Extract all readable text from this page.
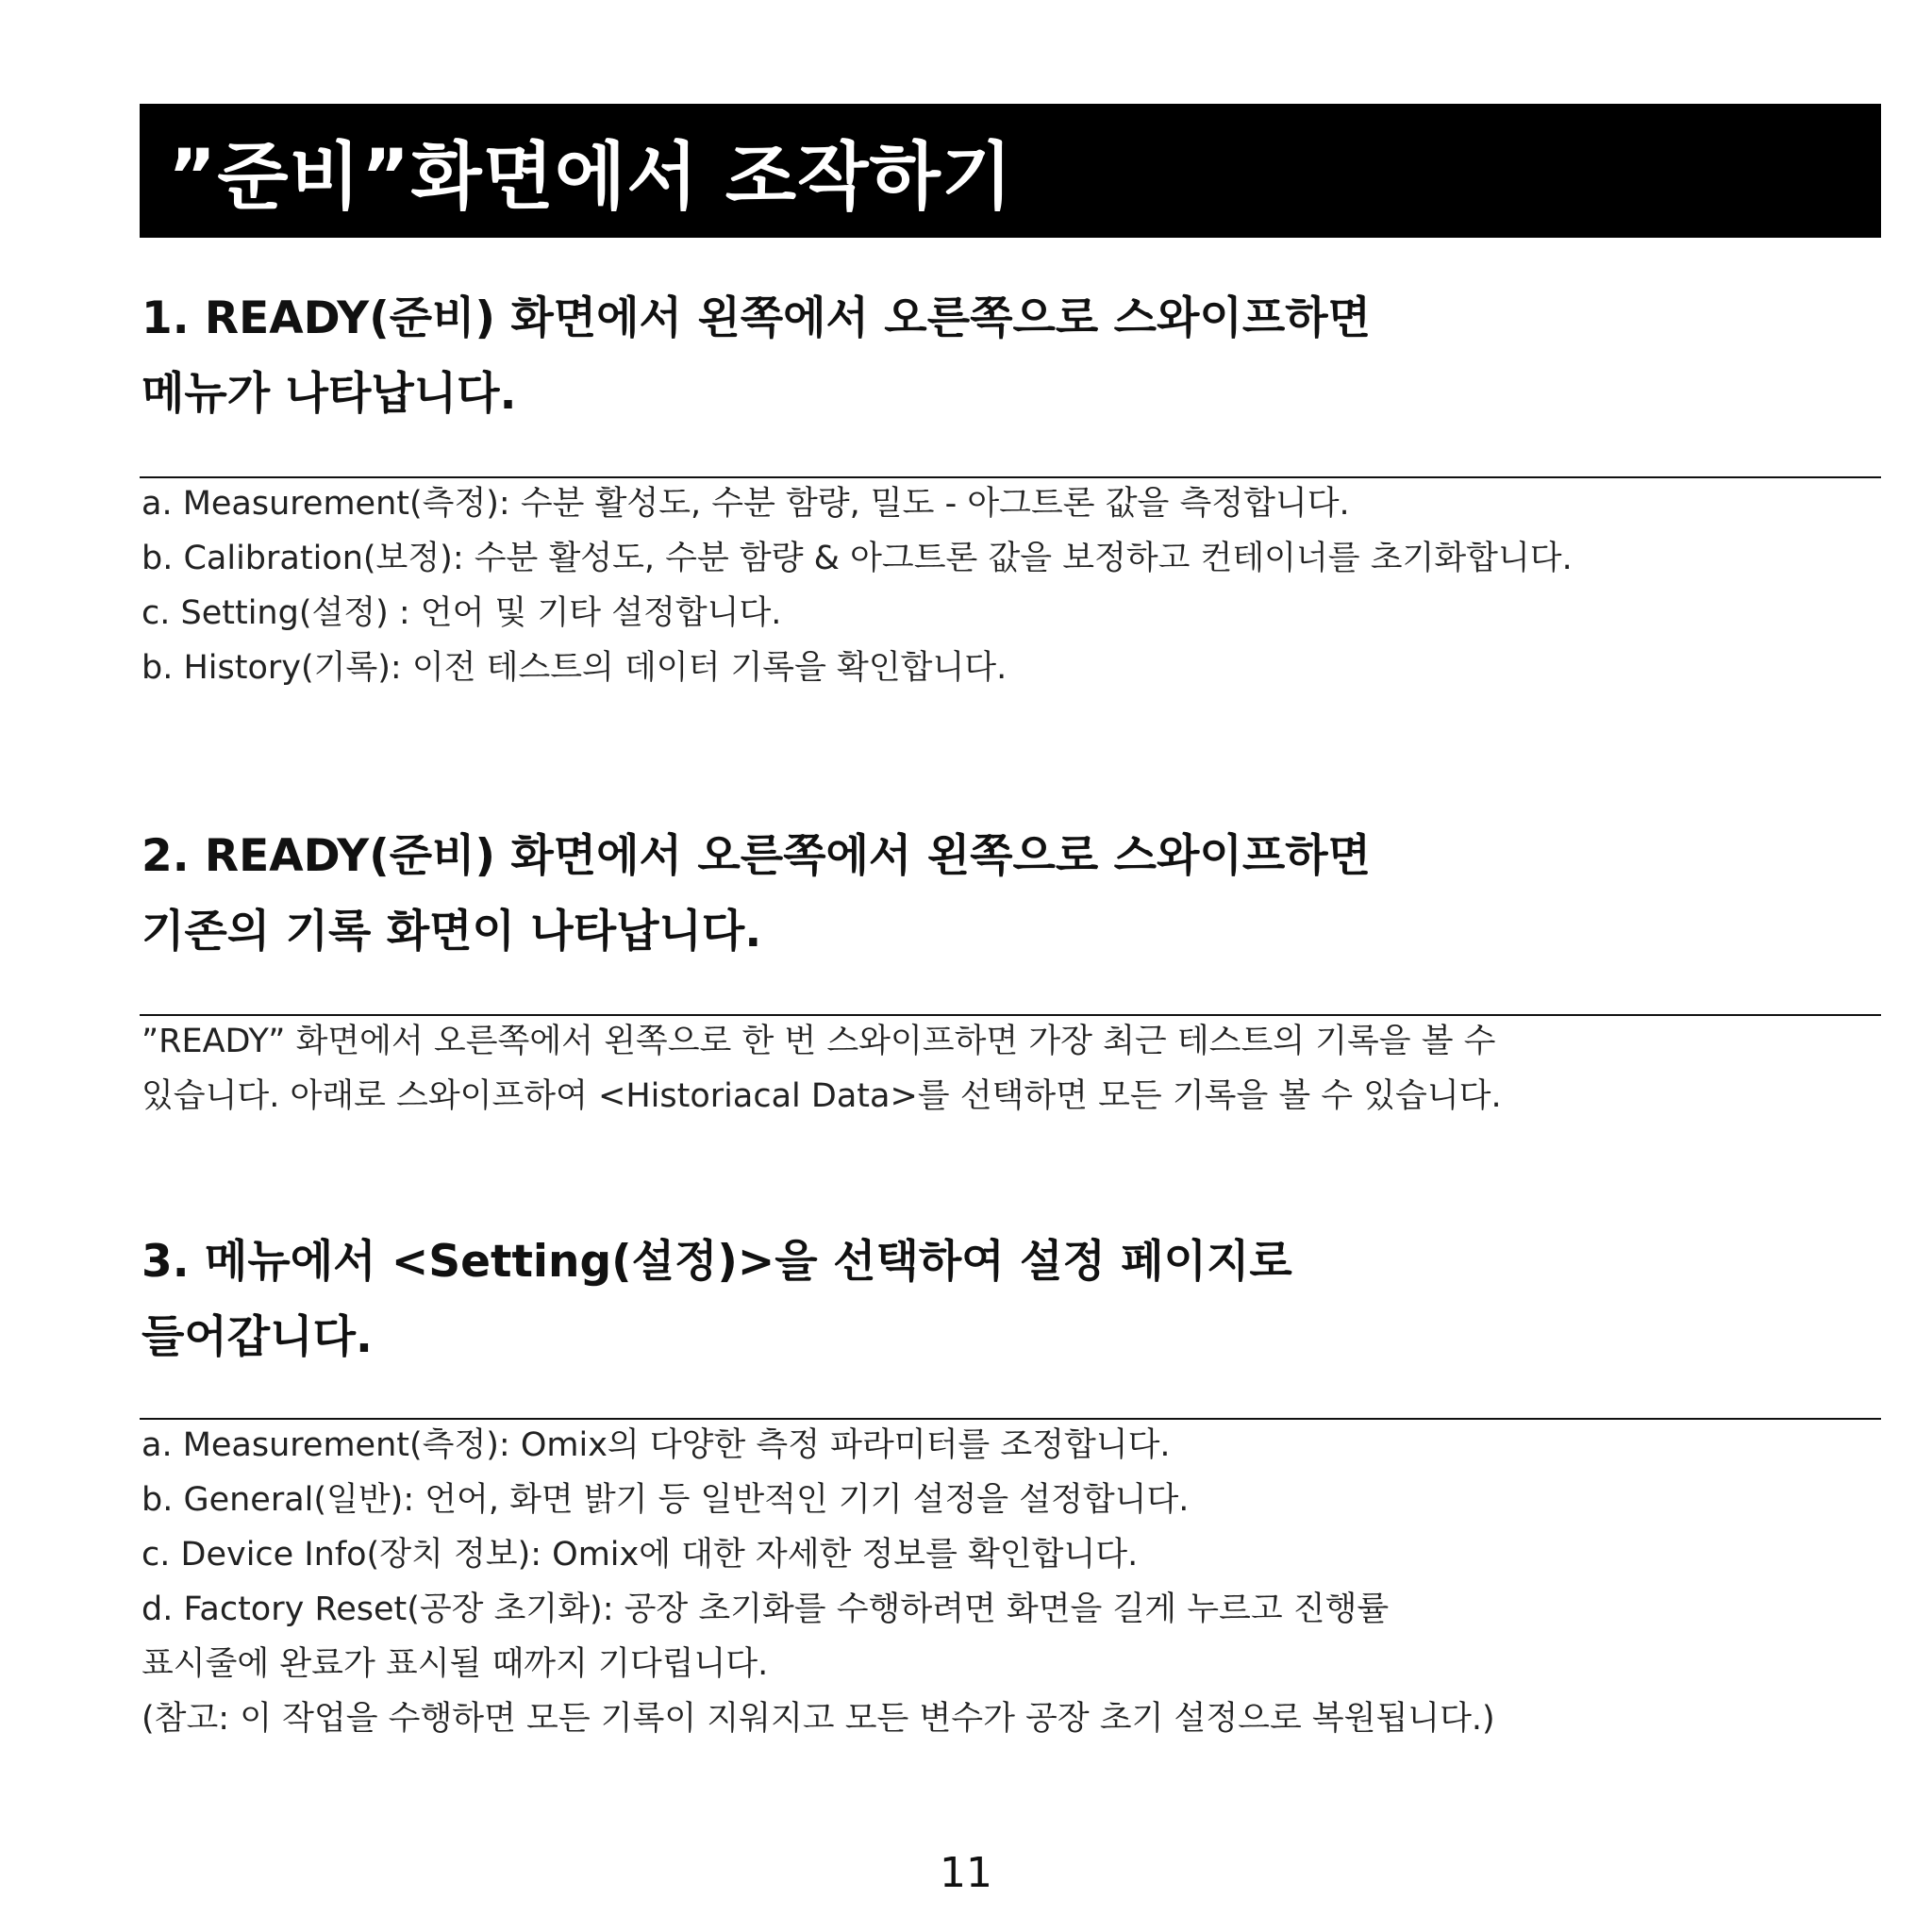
”준비”화면에서 조작하기
1. READY(준비) 화면에서 왼쪽에서 오른쪽으로 스와이프하면
메뉴가 나타납니다.
a. Measurement(측정): 수분 활성도, 수분 함량, 밀도 - 아그트론 값을 측정합니다.
b. Calibration(보정): 수분 활성도, 수분 함량 & 아그트론 값을 보정하고 컨테이너를 초기화합니다.
c. Setting(설정) : 언어 및 기타 설정합니다.
b. History(기록): 이전 테스트의 데이터 기록을 확인합니다.
2. READY(준비) 화면에서 오른쪽에서 왼쪽으로 스와이프하면
기존의 기록 화면이 나타납니다.
”READY” 화면에서 오른쪽에서 왼쪽으로 한 번 스와이프하면 가장 최근 테스트의 기록을 볼 수
있습니다. 아래로 스와이프하여 <Historiacal Data>를 선택하면 모든 기록을 볼 수 있습니다.
3. 메뉴에서 <Setting(설정)>을 선택하여 설정 페이지로
들어갑니다.
a. Measurement(측정): Omix의 다양한 측정 파라미터를 조정합니다.
b. General(일반): 언어, 화면 밝기 등 일반적인 기기 설정을 설정합니다.
c. Device Info(장치 정보): Omix에 대한 자세한 정보를 확인합니다.
d. Factory Reset(공장 초기화): 공장 초기화를 수행하려면 화면을 길게 누르고 진행률
표시줄에 완료가 표시될 때까지 기다립니다.
(참고: 이 작업을 수행하면 모든 기록이 지워지고 모든 변수가 공장 초기 설정으로 복원됩니다.)
11
